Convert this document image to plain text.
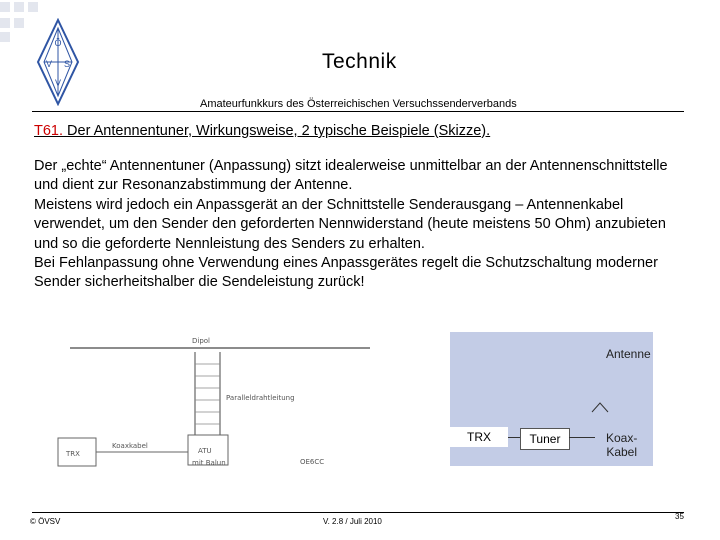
Ö
V S
V
Technik
Amateurfunkkurs des Österreichischen Versuchssenderverbands
T61. Der Antennentuner, Wirkungsweise, 2 typische Beispiele (Skizze).

Der „echte“ Antennentuner (Anpassung) sitzt idealerweise unmittelbar an der Antennenschnittstelle und dient zur Resonanzabstimmung der Antenne.

Meistens wird jedoch ein Anpassgerät an der Schnittstelle Senderausgang – Antennenkabel verwendet, um den Sender den geforderten Nennwiderstand (heute meistens 50 Ohm) anzubieten und so die geforderte Nennleistung des Senders zu erhalten.

Bei Fehlanpassung ohne Verwendung eines Anpassgerätes regelt die Schutzschaltung moderner Sender sicherheitshalber die Sendeleistung zurück!

Dipol
Paralleldrahtleitung
TRX
Koaxkabel
ATU
mit Balun	OE6CC
Antenne
TRX	Tuner	Koax-
Kabel
© ÖVSV	V. 2.8 / Juli 2010
35
